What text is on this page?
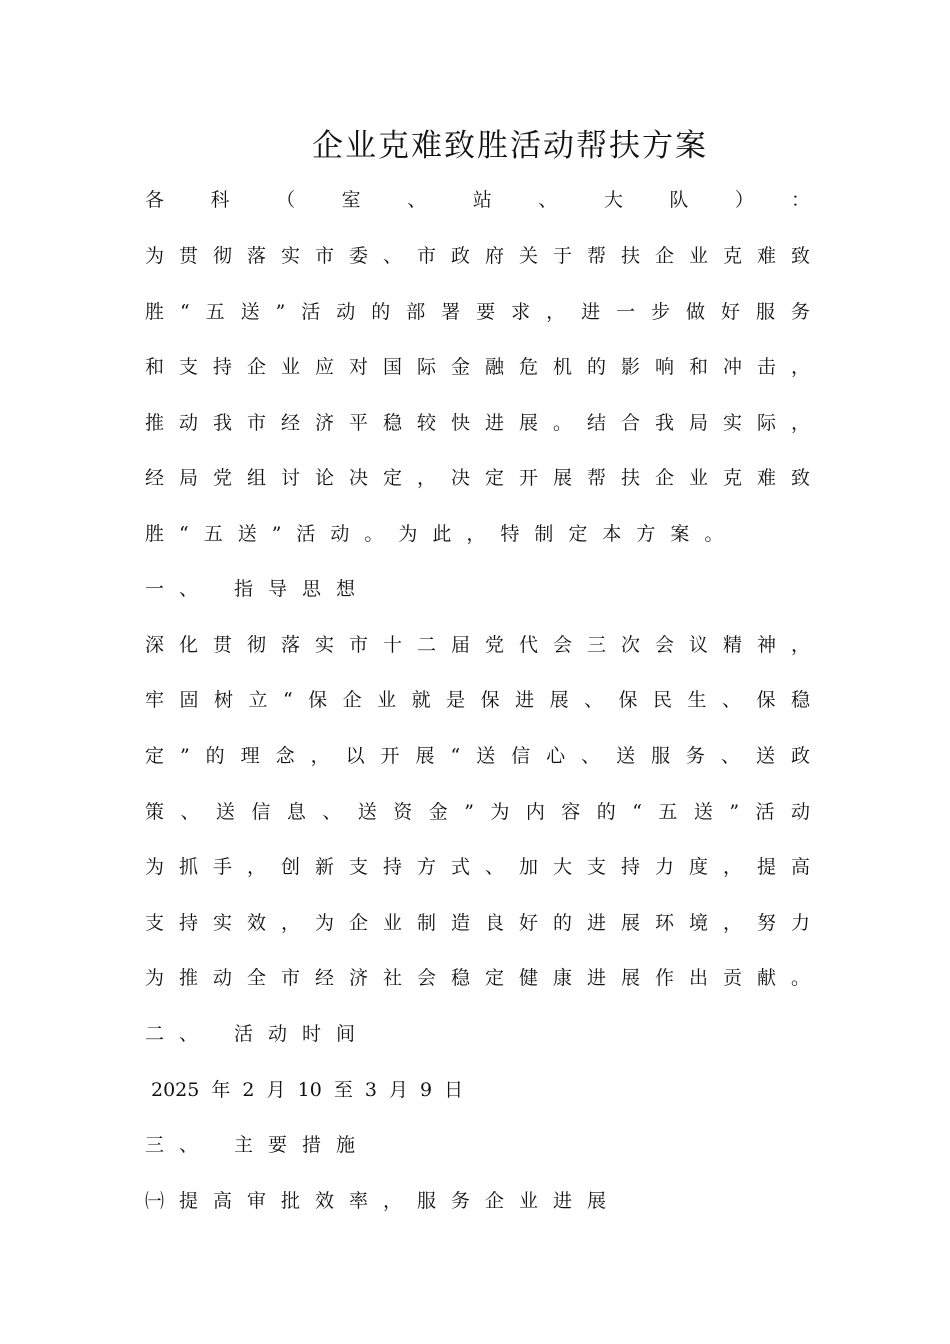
企业克难致胜活动帮扶方案
各科（室、站、大队）：
为贯彻落实市委、市政府关于帮扶企业克难致
胜“五送”活动的部署要求，进一步做好服务
和支持企业应对国际金融危机的影响和冲击，
推动我市经济平稳较快进展。结合我局实际，
经局党组讨论决定，决定开展帮扶企业克难致
胜“五送”活动。为此，特制定本方案。
一、 指导思想
深化贯彻落实市十二届党代会三次会议精神，
牢固树立“保企业就是保进展、保民生、保稳
定”的理念，以开展“送信心、送服务、送政
策、送信息、送资金”为内容的“五送”活动
为抓手，创新支持方式、加大支持力度，提高
支持实效，为企业制造良好的进展环境，努力
为推动全市经济社会稳定健康进展作出贡献。
二、 活动时间
2025 年 2 月 10 至 3 月 9 日
三、 主要措施
㈠提高审批效率，服务企业进展
